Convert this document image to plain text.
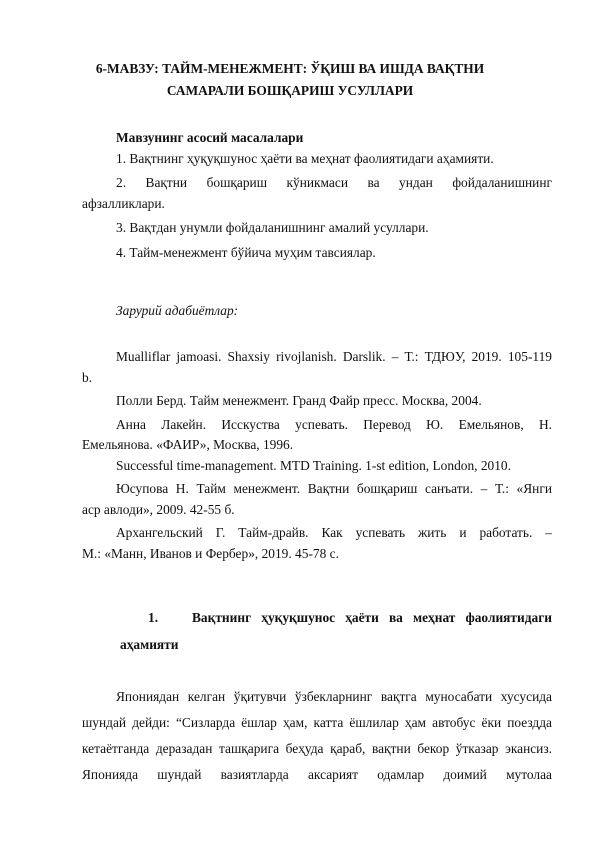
6-МАВЗУ: ТАЙМ-МЕНЕЖМЕНТ: ЎҚИШ ВА ИШДА ВАҚТНИ
САМАРАЛИ БОШҚАРИШ УСУЛЛАРИ
Мавзунинг асосий масалалари
1. Вақтнинг ҳуқуқшунос ҳаёти ва меҳнат фаолиятидаги аҳамияти.
2. Вақтни бошқариш кўникмаси ва ундан фойдаланишнинг
афзалликлари.
3. Вақтдан унумли фойдаланишнинг амалий усуллари.
4. Тайм-менежмент бўйича муҳим тавсиялар.
Зарурий адабиётлар:
Mualliflar jamoasi. Shaxsiy rivojlanish. Darslik. – Т.: ТДЮУ, 2019. 105-119
b.
Полли Берд. Тайм менежмент. Гранд Файр пресс. Москва, 2004.
Анна Лакейн. Исскуства успевать. Перевод Ю. Емельянов, Н.
Емельянова. «ФАИР», Москва, 1996.
Successful time-management. MTD Training. 1-st edition, London, 2010.
Юсупова Н. Тайм менежмент. Вақтни бошқариш санъати. – Т.: «Янги
аср авлоди», 2009. 42-55 б.
Архангельский Г. Тайм-драйв. Как успевать жить и работать. –
М.: «Манн, Иванов и Фербер», 2019. 45-78 с.
1.	Вақтнинг ҳуқуқшунос ҳаёти ва меҳнат фаолиятидаги
аҳамияти
Япониядан келган ўқитувчи ўзбекларнинг вақтга муносабати хусусида
шундай дейди: “Сизларда ёшлар ҳам, катта ёшлилар ҳам автобус ёки поездда
кетаётганда деразадан ташқарига беҳуда қараб, вақтни бекор ўтказар экансиз.
Японияда шундай вазиятларда аксарият одамлар доимий мутолаа
